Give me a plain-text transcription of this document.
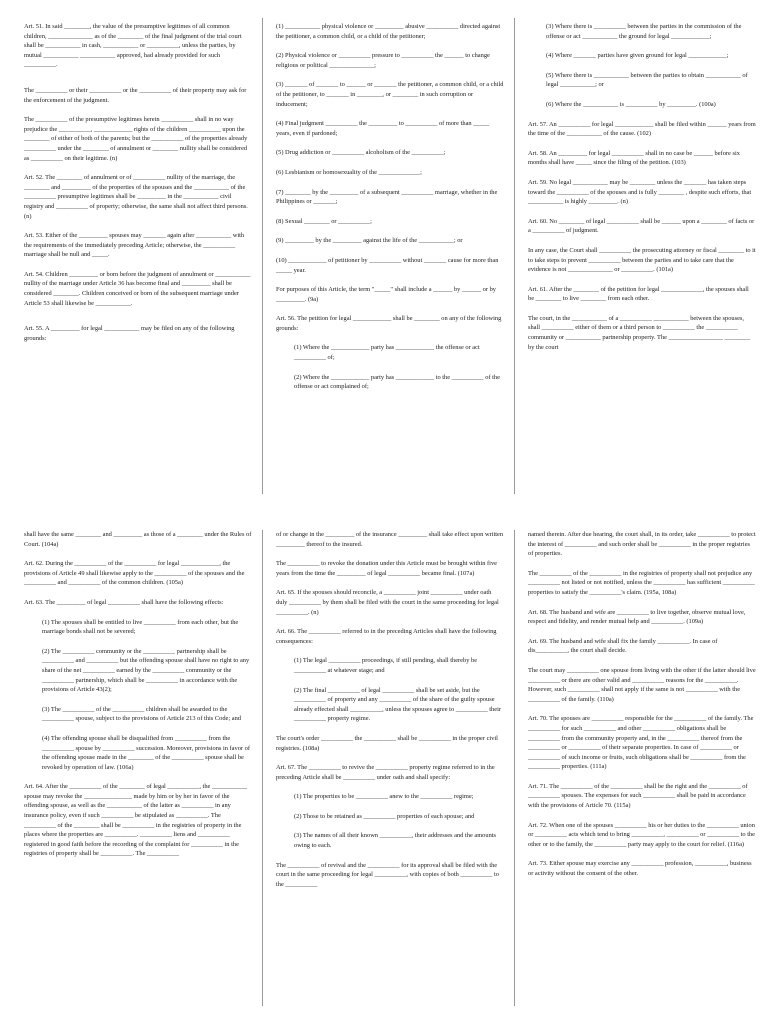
Art. 51. In said ________, the value of the presumptive legitimes of all common children, ______________ as of the ________ of the final judgment of the trial court shall be ___________ in cash, ___________ or __________, unless the parties, by mutual ___________ ___________ approved, had already provided for such __________.

The __________ or their __________ or the __________ of their property may ask for the enforcement of the judgment.

The __________ of the presumptive legitimes herein __________ shall in no way prejudice the __________, ____________ rights of the children __________ upon the ________ of either of both of the parents; but the __________ of the properties already __________ under the ________ of annulment or ________ nullity shall be considered as __________ on their legitime. (n)

Art. 52. The ________ of annulment or of __________ nullity of the marriage, the ________ and _________ of the properties of the spouses and the ___________ of the __________ presumptive legitimes shall be _________ in the ___________ civil registry and __________ of property; otherwise, the same shall not affect third persons. (n)

Art. 53. Either of the _________ spouses may _______ again after ___________ with the requirements of the immediately preceding Article; otherwise, the __________ marriage shall be null and _____.

Art. 54. Children _________ or born before the judgment of annulment or ___________ nullity of the marriage under Article 36 has become final and _________ shall be considered ________. Children conceived or born of the subsequent marriage under Article 53 shall likewise be ___________.

Art. 55. A _________ for legal ___________ may be filed on any of the following grounds:

(1) ___________ physical violence or _________ abusive __________ directed against the petitioner, a common child, or a child of the petitioner;

(2) Physical violence or __________ pressure to __________ the ______ to change religious or political ______________;

(3) _______ of _______ to ______ or _______ the petitioner, a common child, or a child of the petitioner, to _______ in ________, or ________ in such corruption or inducement;

(4) Final judgment __________ the _________ to __________ of more than _____ years, even if pardoned;

(5) Drug addiction or __________ alcoholism of the __________;

(6) Lesbianism or homosexuality of the _____________;

(7) ________ by the _________ of a subsequent __________ marriage, whether in the Philippines or _______;

(8) Sexual ________ or __________;

(9) _________ by the _________ against the life of the ___________; or

(10) ____________ of petitioner by __________ without _______ cause for more than _____ year.

For purposes of this Article, the term "_____" shall include a ______ by ______ or by _________. (9a)

Art. 56. The petition for legal ____________ shall be ________ on any of the following grounds:

(1) Where the ____________ party has ____________ the offense or act __________ of;

(2) Where the ____________ party has ____________ to the __________ of the offense or act complained of;

(3) Where there is __________ between the parties in the commission of the offense or act ___________ the ground for legal ____________;

(4) Where _______ parties have given ground for legal ____________;

(5) Where there is ___________ between the parties to obtain ___________ of legal ___________; or

(6) Where the ___________ is __________ by _________. (100a)

Art. 57. An __________ for legal ____________ shall be filed within ______ years from the time of the ___________ of the cause. (102)

Art. 58. An _________ for legal __________ shall in no case be ______ before six months shall have _____ since the filing of the petition. (103)

Art. 59. No legal ___________ may be ________ unless the _______ has taken steps toward the __________ of the spouses and is fully ________ , despite such efforts, that ___________ is highly _________. (n)

Art. 60. No ________ of legal __________ shall be ______ upon a ________ of facts or a __________ of judgment.

In any case, the Court shall __________ the prosecuting attorney or fiscal ________ to it to take steps to prevent __________ between the parties and to take care that the evidence is not ______________ or __________. (101a)

Art. 61. After the ________ of the petition for legal _____________, the spouses shall be ________ to live ________ from each other.

The court, in the ___________ of a __________ ___________ between the spouses, shall __________ either of them or a third person to __________ the __________ community or ___________ partnership property. The _________________ ________ by the court

shall have the same ________ and _________ as those of a ________ under the Rules of Court. (104a)

Art. 62. During the __________ of the __________ for legal ____________, the provisions of Article 49 shall likewise apply to the __________ of the spouses and the __________ and __________ of the common children. (105a)

Art. 63. The _________ of legal __________ shall have the following effects:

(1) The spouses shall be entitled to live __________ from each other, but the marriage bonds shall not be severed;

(2) The __________ community or the __________ partnership shall be __________ and __________ but the offending spouse shall have no right to any share of the net __________ earned by the __________ community or the __________ partnership, which shall be __________ in accordance with the provisions of Article 43(2);

(3) The __________ of the __________ children shall be awarded to the __________ spouse, subject to the provisions of Article 213 of this Code; and

(4) The offending spouse shall be disqualified from __________ from the __________ spouse by __________ succession. Moreover, provisions in favor of the offending spouse made in the ________ of the __________ spouse shall be revoked by operation of law. (106a)

Art. 64. After the __________ of the ________ of legal __________, the ___________ spouse may revoke the _______________ made by him or by her in favor of the offending spouse, as well as the ___________ of the latter as __________ in any insurance policy, even if such __________ be stipulated as __________. The __________ of the ________ shall be __________ in the registries of property in the places where the properties are __________. __________ liens and __________ registered in good faith before the recording of the complaint for __________ in the registries of property shall be __________. The __________

of or change in the _________ of the insurance _________ shall take effect upon written _________ thereof to the insured.

The __________ to revoke the donation under this Article must be brought within five years from the time the _________ of legal __________ became final. (107a)

Art. 65. If the spouses should reconcile, a __________ joint __________ under oath duly __________ by them shall be filed with the court in the same proceeding for legal __________. (n)

Art. 66. The __________ referred to in the preceding Articles shall have the following consequences:

(1) The legal __________ proceedings, if still pending, shall thereby be __________ at whatever stage; and

(2) The final __________ of legal __________ shall be set aside, but the __________ of property and any __________ of the share of the guilty spouse already effected shall __________, unless the spouses agree to __________ their __________ property regime.

The court's order __________ the __________ shall be __________ in the proper civil registries. (108a)

Art. 67. The __________ to revive the __________ property regime referred to in the preceding Article shall be __________ under oath and shall specify:

(1) The properties to be __________ anew to the __________ regime;

(2) Those to be retained as __________ properties of each spouse; and

(3) The names of all their known __________, their addresses and the amounts owing to each.

The __________ of revival and the __________ for its approval shall be filed with the court in the same proceeding for legal __________, with copies of both __________ to the __________

named therein. After due hearing, the court shall, in its order, take __________ to protect the interest of __________ and such order shall be __________ in the proper registries of properties.

The __________ of the __________ in the registries of property shall not prejudice any __________ not listed or not notified, unless the __________ has sufficient __________ properties to satisfy the __________'s claim. (195a, 108a)

Art. 68. The husband and wife are __________ to live together, observe mutual love, respect and fidelity, and render mutual help and __________. (109a)

Art. 69. The husband and wife shall fix the family __________. In case of dis__________, the court shall decide.

The court may __________ one spouse from living with the other if the latter should live __________ or there are other valid and __________ reasons for the __________. However, such __________ shall not apply if the same is not __________ with the __________ of the family. (110a)

Art. 70. The spouses are __________ responsible for the __________ of the family. The __________ for such __________ and other __________ obligations shall be __________ from the community property and, in the __________ thereof from the __________ or __________ of their separate properties. In case of __________ or __________ of such income or fruits, such obligations shall be __________ from the __________ properties. (111a)

Art. 71. The __________ of the __________ shall be the right and the __________ of __________ spouses. The expenses for such __________ shall be paid in accordance with the provisions of Article 70. (115a)

Art. 72. When one of the spouses __________ his or her duties to the __________ union or __________ acts which tend to bring __________, __________ or __________ to the other or to the family, the __________ party may apply to the court for relief. (116a)

Art. 73. Either spouse may exercise any __________ profession, __________, business or activity without the consent of the other.
